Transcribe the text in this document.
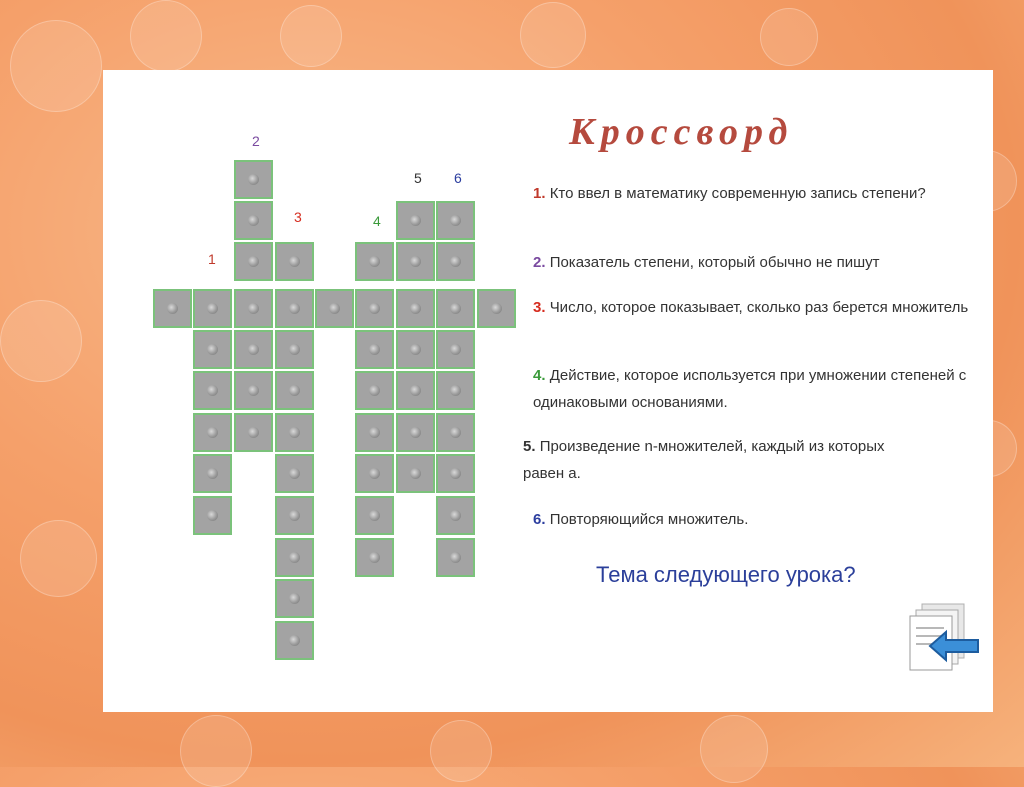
1
2
3	4
5 6
Кроссворд
1. Кто ввел в математику современную запись степени?
2. Показатель степени, который обычно не пишут
3. Число, которое показывает, сколько раз берется множитель
4. Действие, которое используется при умножении степеней с одинаковыми основаниями.
5. Произведение n-множителей, каждый из которых равен а.
6. Повторяющийся множитель.
Тема следующего урока?
